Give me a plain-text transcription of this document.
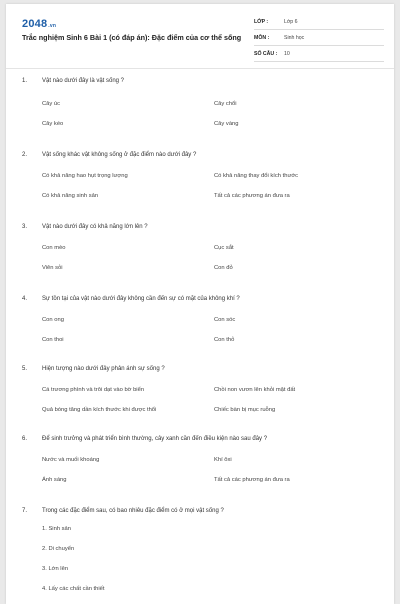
2048.vn
Trắc nghiệm Sinh 6 Bài 1 (có đáp án): Đặc điểm của cơ thể sống
LỚP :	Lớp 6
MÔN :	Sinh học
SỐ CÂU :	10
1.	Vật nào dưới đây là vật sống ?
Cây úc	Cây chổi
Cây kéo	Cây vàng
2.	Vật sống khác vật không sống ở đặc điểm nào dưới đây ?
Có khả năng hao hụt trọng lượng	Có khả năng thay đổi kích thước
Có khả năng sinh sản	Tất cả các phương án đưa ra
3.	Vật nào dưới đây có khả năng lớn lên ?
Con mèo	Cục sắt
Viên sỏi	Con đỏ
4.	Sự tồn tại của vật nào dưới đây không cần đến sự có mặt của không khí ?
Con ong	Con sóc
Con thoi	Con thỏ
5.	Hiện tượng nào dưới đây phản ánh sự sống ?
Cá trương phình và trôi dạt vào bờ biển	Chồi non vươn lên khỏi mặt đất
Quả bóng tăng dần kích thước khi được thổi	Chiếc bàn bị mục ruỗng
6.	Để sinh trưởng và phát triển bình thường, cây xanh cần đến điều kiện nào sau đây ?
Nước và muối khoáng	Khí ôxi
Ánh sáng	Tất cả các phương án đưa ra
7.	Trong các đặc điểm sau, có bao nhiêu đặc điểm có ở mọi vật sống ?
1. Sinh sản
2. Di chuyển
3. Lớn lên
4. Lấy các chất cần thiết
